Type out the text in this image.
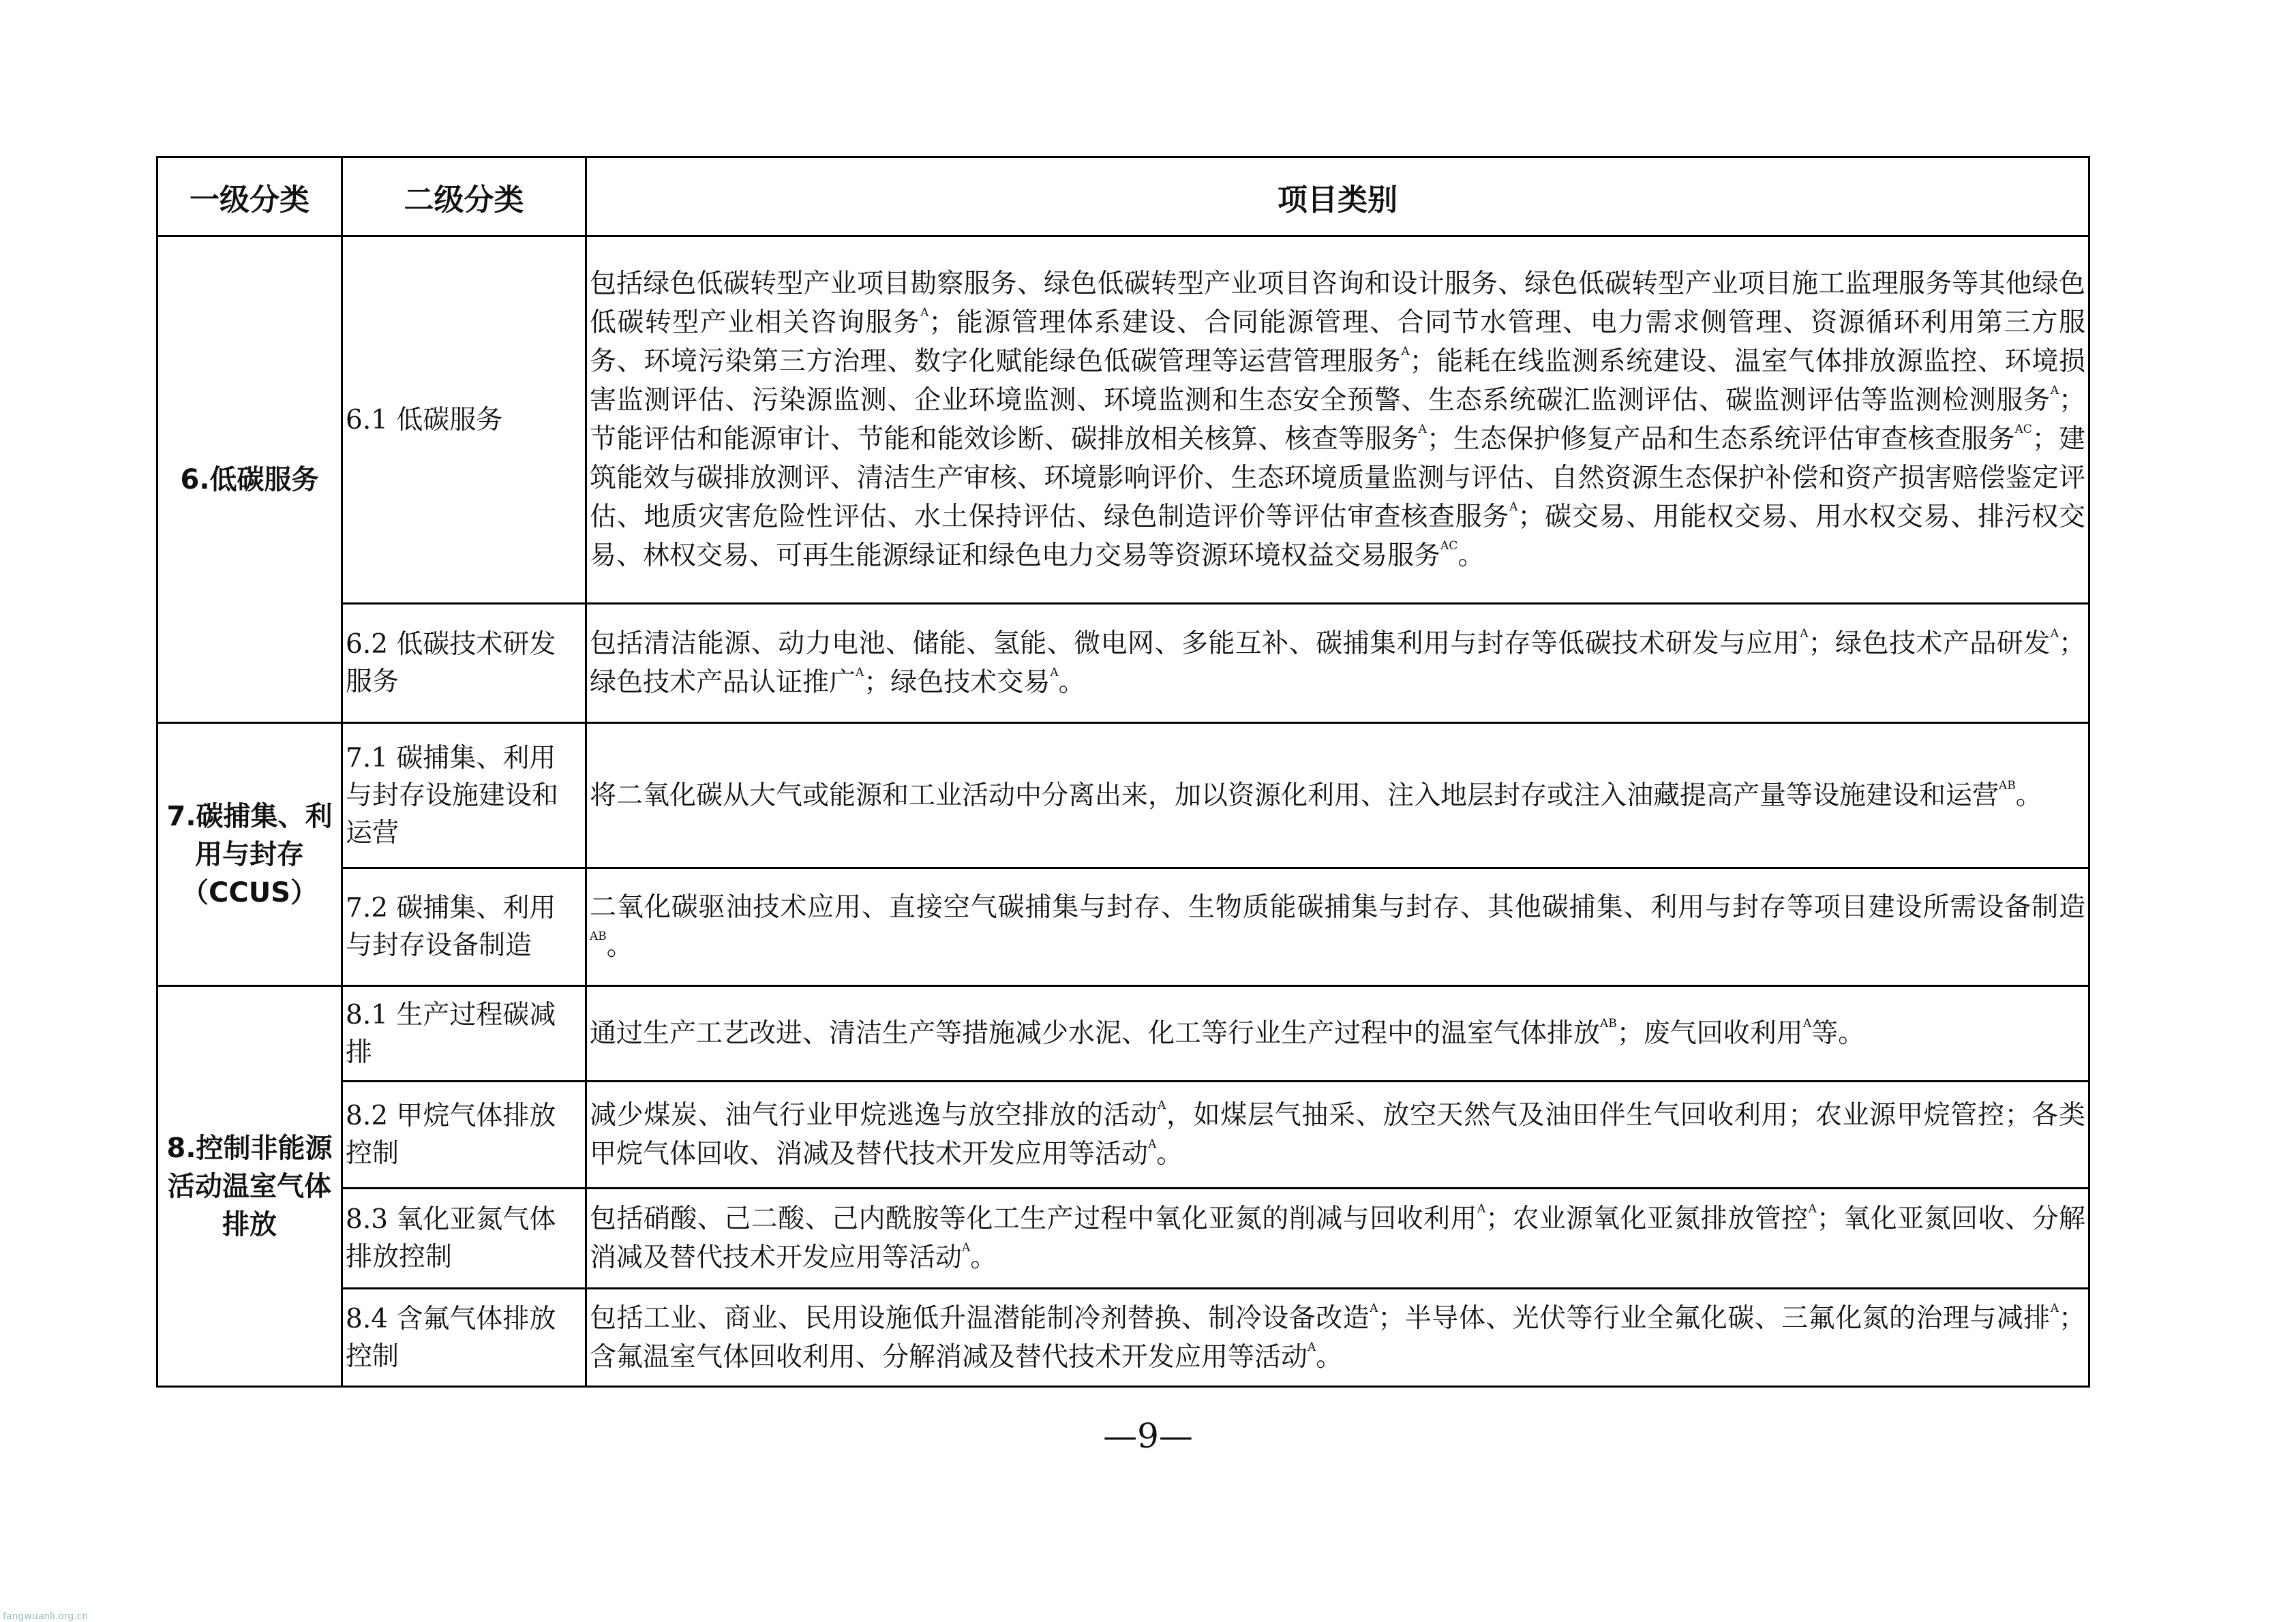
一级分类	二级分类	项目类别
6.低碳服务	6.1 低碳服务	包括绿色低碳转型产业项目勘察服务、绿色低碳转型产业项目咨询和设计服务、绿色低碳转型产业项目施工监理服务等其他绿色低碳转型产业相关咨询服务$^A$；能源管理体系建设、合同能源管理、合同节水管理、电力需求侧管理、资源循环利用第三方服务、环境污染第三方治理、数字化赋能绿色低碳管理等运营管理服务$^A$；能耗在线监测系统建设、温室气体排放源监控、环境损害监测评估、污染源监测、企业环境监测、环境监测和生态安全预警、生态系统碳汇监测评估、碳监测评估等监测检测服务$^A$；节能评估和能源审计、节能和能效诊断、碳排放相关核算、核查等服务$^A$；生态保护修复产品和生态系统评估审查核查服务$^{AC}$；建筑能效与碳排放测评、清洁生产审核、环境影响评价、生态环境质量监测与评估、自然资源生态保护补偿和资产损害赔偿鉴定评估、地质灾害危险性评估、水土保持评估、绿色制造评价等评估审查核查服务$^A$；碳交易、用能权交易、用水权交易、排污权交易、林权交易、可再生能源绿证和绿色电力交易等资源环境权益交易服务$^{AC}$。
	6.2 低碳技术研发服务	包括清洁能源、动力电池、储能、氢能、微电网、多能互补、碳捕集利用与封存等低碳技术研发与应用$^A$；绿色技术产品研发$^A$；绿色技术产品认证推广$^A$；绿色技术交易$^A$。
7.碳捕集、利用与封存（CCUS）	7.1 碳捕集、利用与封存设施建设和运营	将二氧化碳从大气或能源和工业活动中分离出来，加以资源化利用、注入地层封存或注入油藏提高产量等设施建设和运营$^{AB}$。
	7.2 碳捕集、利用与封存设备制造	二氧化碳驱油技术应用、直接空气碳捕集与封存、生物质能碳捕集与封存、其他碳捕集、利用与封存等项目建设所需设备制造$^{AB}$。
8.控制非能源活动温室气体排放	8.1 生产过程碳减排	通过生产工艺改进、清洁生产等措施减少水泥、化工等行业生产过程中的温室气体排放$^{AB}$；废气回收利用$^A$等。
	8.2 甲烷气体排放控制	减少煤炭、油气行业甲烷逃逸与放空排放的活动$^A$，如煤层气抽采、放空天然气及油田伴生气回收利用；农业源甲烷管控；各类甲烷气体回收、消减及替代技术开发应用等活动$^A$。
	8.3 氧化亚氮气体排放控制	包括硝酸、己二酸、己内酰胺等化工生产过程中氧化亚氮的削减与回收利用$^A$；农业源氧化亚氮排放管控$^A$；氧化亚氮回收、分解消减及替代技术开发应用等活动$^A$。
	8.4 含氟气体排放控制	包括工业、商业、民用设施低升温潜能制冷剂替换、制冷设备改造$^A$；半导体、光伏等行业全氟化碳、三氟化氮的治理与减排$^A$；含氟温室气体回收利用、分解消减及替代技术开发应用等活动$^A$。
—9—
fangwuanli.org.cn
